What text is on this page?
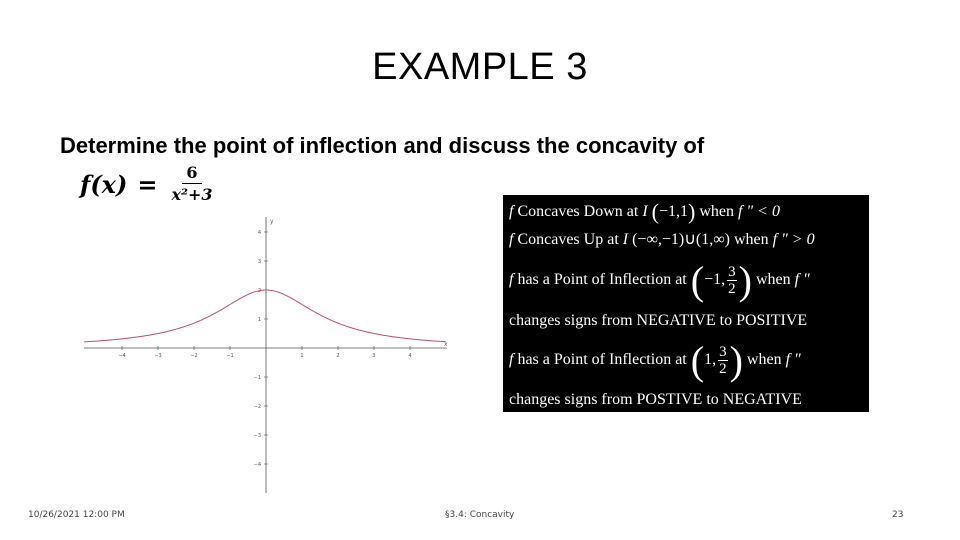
EXAMPLE 3
Determine the point of inflection and discuss the concavity of
$f(x) = \frac{6}{\text{x²+3}}$
x
y
−4	−3	−2	−1	1	2	3	4
4
3
2
1
−1
−2
−3
−4
f Concaves Down at I (−1,1) when f " < 0
f Concaves Up at I (−∞,−1)∪(1,∞) when f " > 0
f has a Point of Inflection at (−1, $\frac{3}{2}$ ) when f "
changes signs from NEGATIVE to POSITIVE
f has a Point of Inflection at (1, $\frac{3}{2}$ ) when f "
changes signs from POSTIVE to NEGATIVE
10/26/2021 12:00 PM	§3.4: Concavity	23
